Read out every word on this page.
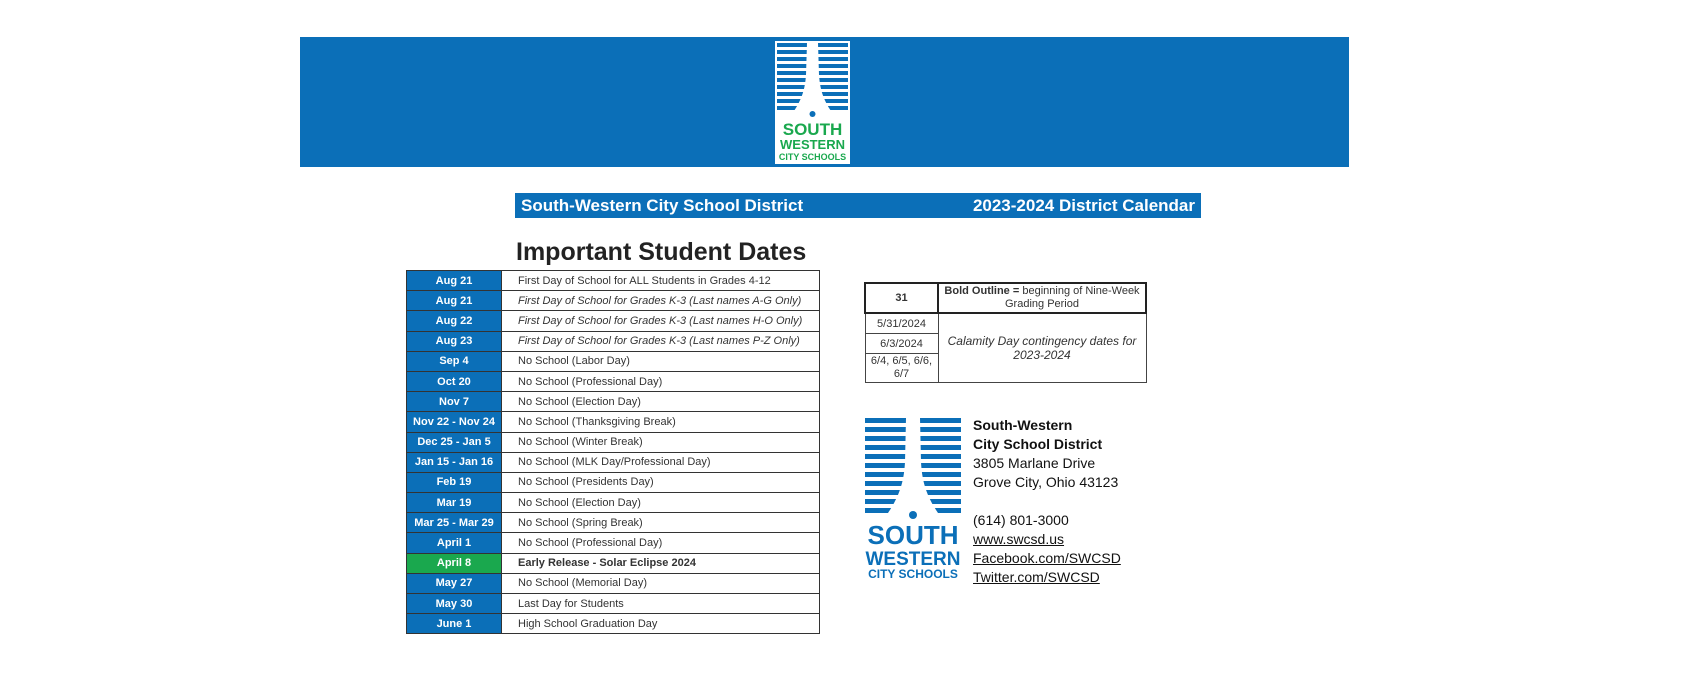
SOUTH
WESTERN
CITY SCHOOLS
South-Western City School District	2023-2024 District Calendar
Important Student Dates
Aug 21	First Day of School for ALL Students in Grades 4-12
Aug 21	First Day of School for Grades K-3 (Last names A-G Only)
Aug 22	First Day of School for Grades K-3 (Last names H-O Only)
Aug 23	First Day of School for Grades K-3 (Last names P-Z Only)
Sep 4	No School (Labor Day)
Oct 20	No School (Professional Day)
Nov 7	No School (Election Day)
Nov 22 - Nov 24	No School (Thanksgiving Break)
Dec 25 - Jan 5	No School (Winter Break)
Jan 15 - Jan 16	No School (MLK Day/Professional Day)
Feb 19	No School (Presidents Day)
Mar 19	No School (Election Day)
Mar 25 - Mar 29	No School (Spring Break)
April 1	No School (Professional Day)
April 8	Early Release - Solar Eclipse 2024
May 27	No School (Memorial Day)
May 30	Last Day for Students
June 1	High School Graduation Day
31	Bold Outline = beginning of Nine-Week Grading Period
5/31/2024	Calamity Day contingency dates for 2023-2024
6/3/2024	
6/4, 6/5, 6/6, 6/7	
SOUTH
WESTERN
CITY SCHOOLS
South-Western
City School District
3805 Marlane Drive
Grove City, Ohio 43123
(614) 801-3000
www.swcsd.us
Facebook.com/SWCSD
Twitter.com/SWCSD
